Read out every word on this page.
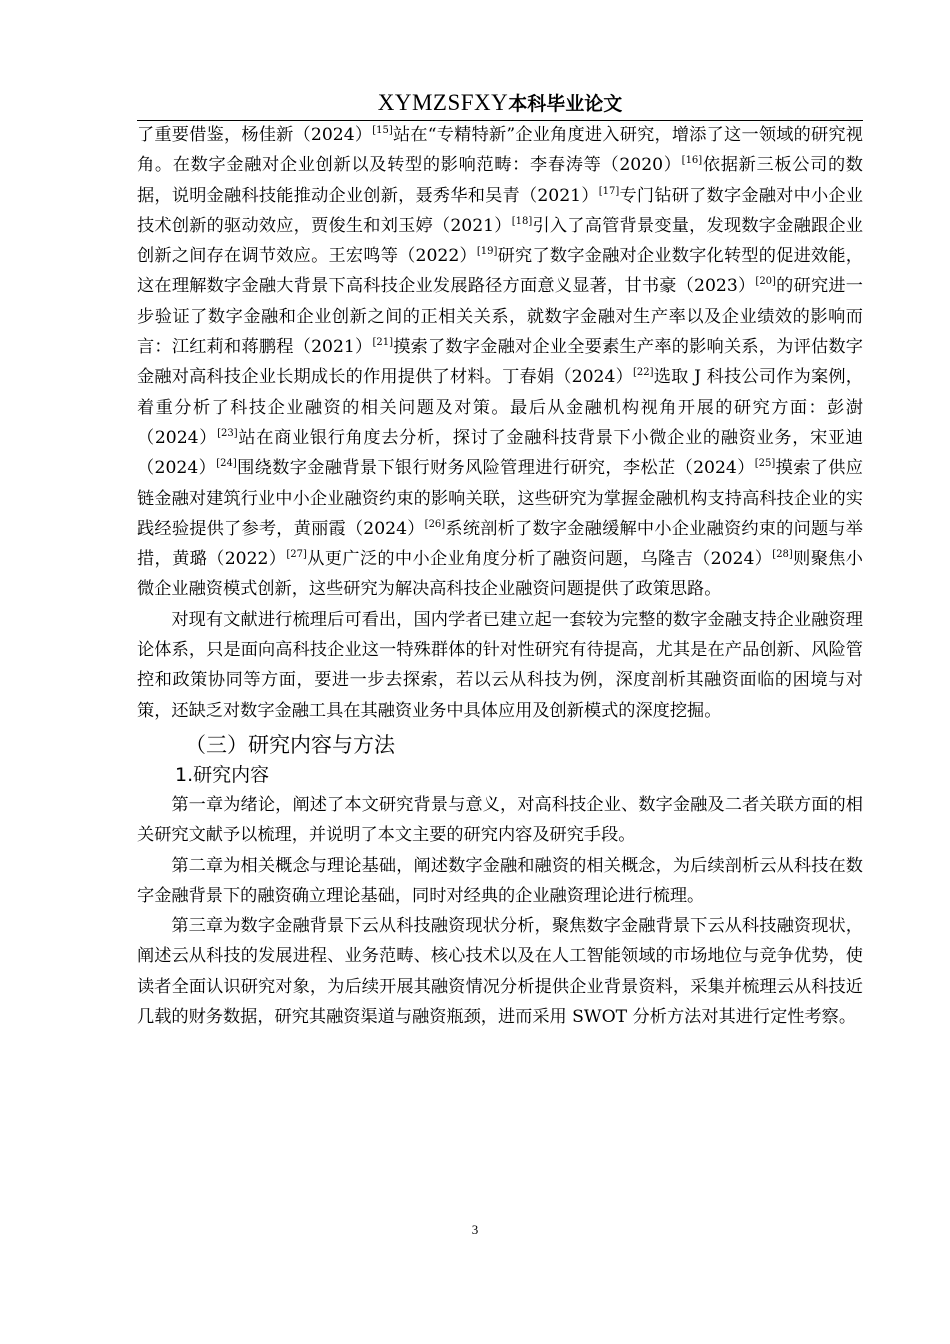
XYMZSFXY本科毕业论文

了重要借鉴，杨佳新（2024）[15]站在“专精特新”企业角度进入研究，增添了这一领域的研究视角。在数字金融对企业创新以及转型的影响范畴：李春涛等（2020）[16]依据新三板公司的数据，说明金融科技能推动企业创新，聂秀华和吴青（2021）[17]专门钻研了数字金融对中小企业技术创新的驱动效应，贾俊生和刘玉婷（2021）[18]引入了高管背景变量，发现数字金融跟企业创新之间存在调节效应。王宏鸣等（2022）[19]研究了数字金融对企业数字化转型的促进效能，这在理解数字金融大背景下高科技企业发展路径方面意义显著，甘书豪（2023）[20]的研究进一步验证了数字金融和企业创新之间的正相关关系，就数字金融对生产率以及企业绩效的影响而言：江红莉和蒋鹏程（2021）[21]摸索了数字金融对企业全要素生产率的影响关系，为评估数字金融对高科技企业长期成长的作用提供了材料。丁春娟（2024）[22]选取 J 科技公司作为案例，着重分析了科技企业融资的相关问题及对策。最后从金融机构视角开展的研究方面：彭澍（2024）[23]站在商业银行角度去分析，探讨了金融科技背景下小微企业的融资业务，宋亚迪（2024）[24]围绕数字金融背景下银行财务风险管理进行研究，李松芷（2024）[25]摸索了供应链金融对建筑行业中小企业融资约束的影响关联，这些研究为掌握金融机构支持高科技企业的实践经验提供了参考，黄丽霞（2024）[26]系统剖析了数字金融缓解中小企业融资约束的问题与举措，黄璐（2022）[27]从更广泛的中小企业角度分析了融资问题，乌隆吉（2024）[28]则聚焦小微企业融资模式创新，这些研究为解决高科技企业融资问题提供了政策思路。

对现有文献进行梳理后可看出，国内学者已建立起一套较为完整的数字金融支持企业融资理论体系，只是面向高科技企业这一特殊群体的针对性研究有待提高，尤其是在产品创新、风险管控和政策协同等方面，要进一步去探索，若以云从科技为例，深度剖析其融资面临的困境与对策，还缺乏对数字金融工具在其融资业务中具体应用及创新模式的深度挖掘。

（三）研究内容与方法
1.研究内容

第一章为绪论，阐述了本文研究背景与意义，对高科技企业、数字金融及二者关联方面的相关研究文献予以梳理，并说明了本文主要的研究内容及研究手段。

第二章为相关概念与理论基础，阐述数字金融和融资的相关概念，为后续剖析云从科技在数字金融背景下的融资确立理论基础，同时对经典的企业融资理论进行梳理。

第三章为数字金融背景下云从科技融资现状分析，聚焦数字金融背景下云从科技融资现状，阐述云从科技的发展进程、业务范畴、核心技术以及在人工智能领域的市场地位与竞争优势，使读者全面认识研究对象，为后续开展其融资情况分析提供企业背景资料，采集并梳理云从科技近几载的财务数据，研究其融资渠道与融资瓶颈，进而采用 SWOT 分析方法对其进行定性考察。

3
